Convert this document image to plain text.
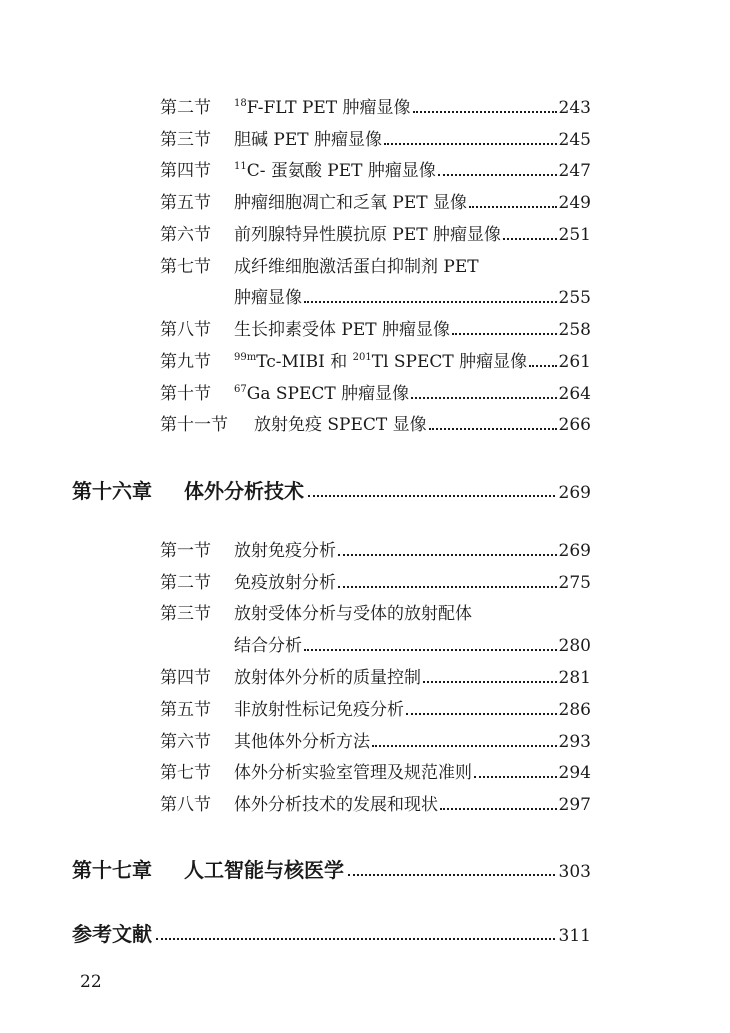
第二节	$^{18}$F-FLT PET 肿瘤显像	243
第三节	胆碱 PET 肿瘤显像	245
第四节	$^{11}$C- 蛋氨酸 PET 肿瘤显像	247
第五节	肿瘤细胞凋亡和乏氧 PET 显像	249
第六节	前列腺特异性膜抗原 PET 肿瘤显像	251
第七节	成纤维细胞激活蛋白抑制剂 PET
肿瘤显像	255
第八节	生长抑素受体 PET 肿瘤显像	258
第九节	$^{99m}$Tc-MIBI 和 $^{201}$Tl SPECT 肿瘤显像 261
第十节	$^{67}$Ga SPECT 肿瘤显像	264
第十一节	放射免疫 SPECT 显像	266
第十六章	体外分析技术	269
第一节	放射免疫分析	269
第二节	免疫放射分析	275
第三节	放射受体分析与受体的放射配体
结合分析	280
第四节	放射体外分析的质量控制	281
第五节	非放射性标记免疫分析	286
第六节	其他体外分析方法	293
第七节	体外分析实验室管理及规范准则	294
第八节	体外分析技术的发展和现状	297
第十七章	人工智能与核医学	303
参考文献	311
22
